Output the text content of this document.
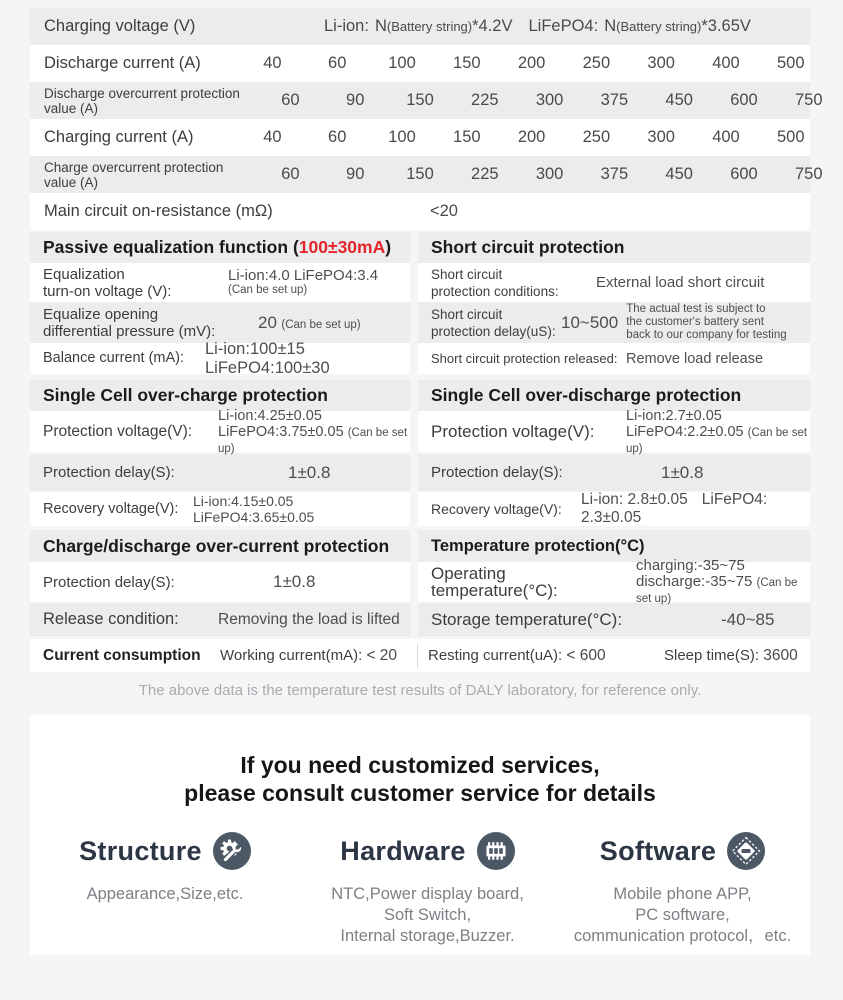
Charging voltage (V)	Li-ion: N (Battery string) *4.2V LiFePO4: N (Battery string) *3.65V
Discharge current (A)	40	60	100	150	200	250	300	400	500
Discharge overcurrent protection value (A)	60	90	150	225	300	375	450	600	750
Charging current (A)	40	60	100	150	200	250	300	400	500
Charge overcurrent protection value (A)	60	90	150	225	300	375	450	600	750
Main circuit on-resistance (mΩ)	<20
Passive equalization function
( 100±30mA )
Equalization
turn-on voltage (V):
Li-ion:4.0 LiFePO4:3.4
(Can be set up)
Equalize opening
differential pressure (mV):	20 (Can be set up)
Balance current (mA):
Li-ion:100±15LiFePO4:100±30
Single Cell over-charge protection
Protection voltage(V):
Li-ion:4.25±0.05
LiFePO4:3.75±0.05 (Can be set up)
Protection delay(S):	1±0.8
Recovery voltage(V):	Li-ion:4.15±0.05 LiFePO4:3.65±0.05
Charge/discharge over-current protection
Protection delay(S):	1±0.8
Release condition:	Removing the load is lifted
Short circuit protection
Short circuit
protection conditions:	External load short circuit
Short circuit
protection delay(uS): 10~500
The actual test is subject to
the customer's battery sent
back to our company for testing
Short circuit protection released: Remove load release
Single Cell over-discharge protection
Protection voltage(V):
Li-ion:2.7±0.05
LiFePO4:2.2±0.05 (Can be set up)
Protection delay(S):	1±0.8
Recovery voltage(V):
Li-ion: 2.8±0.05 LiFePO4: 2.3±0.05
Temperature protection(°C)
Operating temperature(°C):
charging:-35~75
discharge:-35~75 (Can be set up)
Storage temperature(°C):	-40~85
Current consumption	Working current(mA): < 20	Resting current(uA): < 600	Sleep time(S): 3600
The above data is the temperature test results of DALY laboratory, for reference only.
If you need customized services,
please consult customer service for details
Structure
Appearance,Size,etc.
Hardware
NTC,Power display board,
Soft Switch,
Internal storage,Buzzer.
Software
Mobile phone APP,
PC software,
communication protocol，etc.
